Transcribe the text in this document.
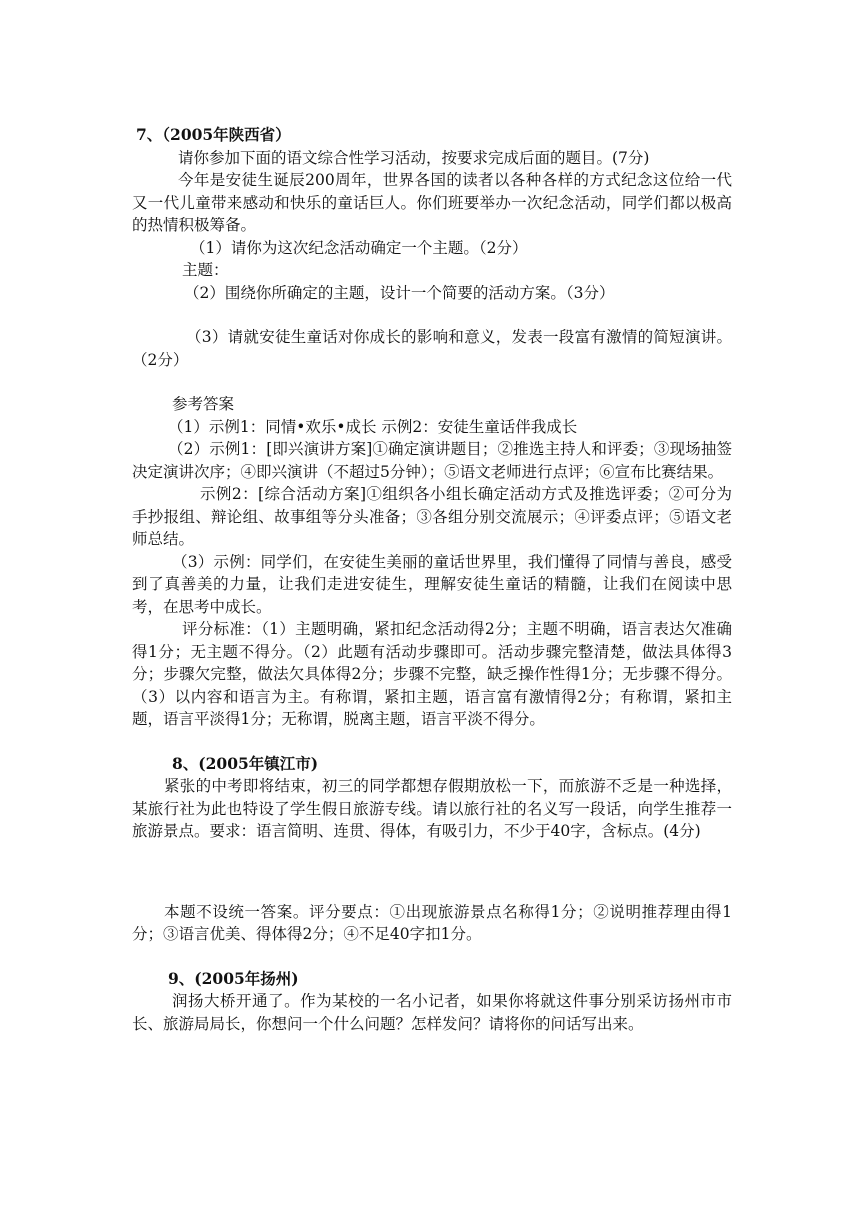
7、（2005年陕西省）

请你参加下面的语文综合性学习活动，按要求完成后面的题目。(7分)

今年是安徒生诞辰200周年，世界各国的读者以各种各样的方式纪念这位给一代又一代儿童带来感动和快乐的童话巨人。你们班要举办一次纪念活动，同学们都以极高的热情积极筹备。

（1）请你为这次纪念活动确定一个主题。（2分）

主题：

（2）围绕你所确定的主题，设计一个简要的活动方案。（3分）

（3）请就安徒生童话对你成长的影响和意义，发表一段富有激情的简短演讲。（2分）

参考答案

（1）示例1：同情•欢乐•成长 示例2：安徒生童话伴我成长

（2）示例1：[即兴演讲方案]①确定演讲题目；②推选主持人和评委；③现场抽签决定演讲次序；④即兴演讲（不超过5分钟）；⑤语文老师进行点评；⑥宣布比赛结果。

示例2：[综合活动方案]①组织各小组长确定活动方式及推选评委；②可分为手抄报组、辩论组、故事组等分头准备；③各组分别交流展示；④评委点评；⑤语文老师总结。

（3）示例：同学们，在安徒生美丽的童话世界里，我们懂得了同情与善良，感受到了真善美的力量，让我们走进安徒生，理解安徒生童话的精髓，让我们在阅读中思考，在思考中成长。

评分标准：（1）主题明确，紧扣纪念活动得2分；主题不明确，语言表达欠准确得1分；无主题不得分。（2）此题有活动步骤即可。活动步骤完整清楚，做法具体得3分；步骤欠完整，做法欠具体得2分；步骤不完整，缺乏操作性得1分；无步骤不得分。（3）以内容和语言为主。有称谓，紧扣主题，语言富有激情得2分；有称谓，紧扣主题，语言平淡得1分；无称谓，脱离主题，语言平淡不得分。

8、(2005年镇江市)

紧张的中考即将结束，初三的同学都想存假期放松一下，而旅游不乏是一种选择，某旅行社为此也特设了学生假日旅游专线。请以旅行社的名义写一段话，向学生推荐一旅游景点。要求：语言简明、连贯、得体，有吸引力，不少于40字，含标点。(4分)

本题不设统一答案。评分要点：①出现旅游景点名称得1分；②说明推荐理由得1分；③语言优美、得体得2分；④不足40字扣1分。

9、(2005年扬州)

润扬大桥开通了。作为某校的一名小记者，如果你将就这件事分别采访扬州市市长、旅游局局长，你想问一个什么问题？怎样发问？请将你的问话写出来。
